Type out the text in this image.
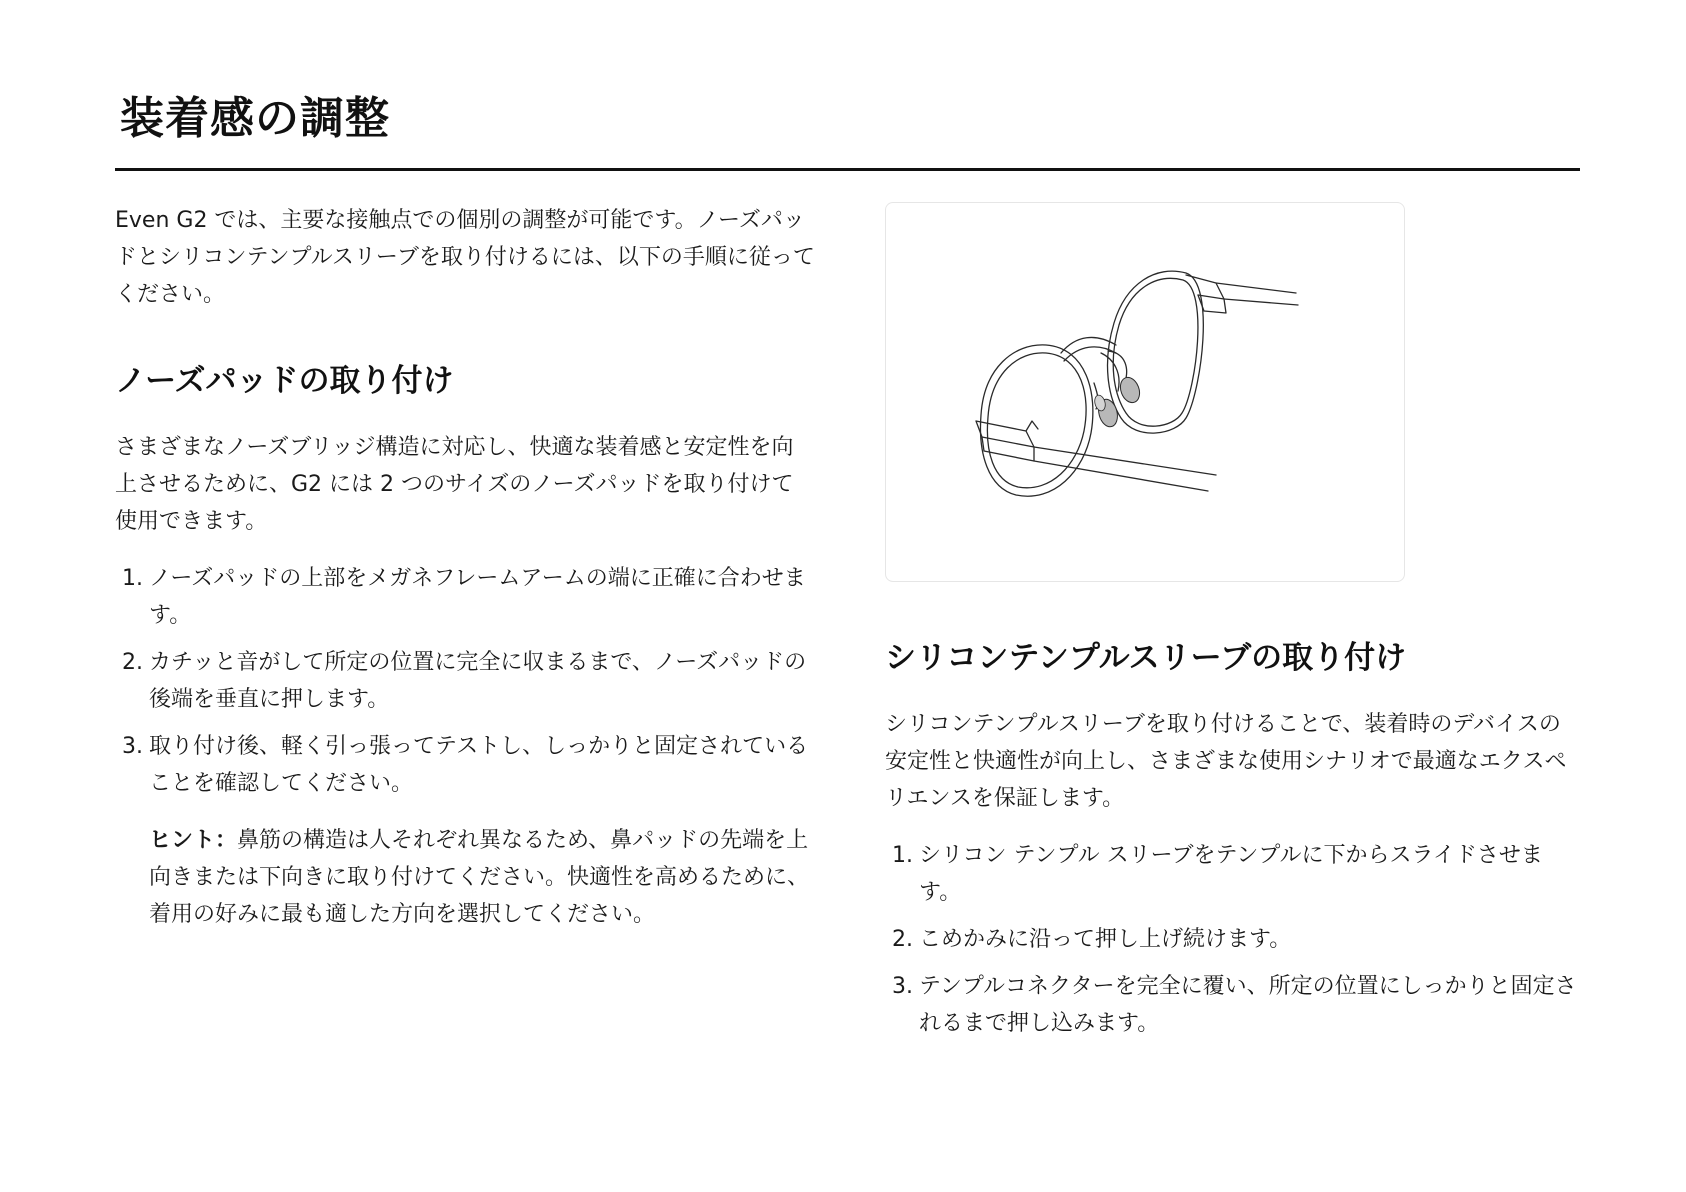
装着感の調整

Even G2 では、主要な接触点での個別の調整が可能です。ノーズパッドとシリコンテンプルスリーブを取り付けるには、以下の手順に従ってください。

ノーズパッドの取り付け

さまざまなノーズブリッジ構造に対応し、快適な装着感と安定性を向上させるために、G2 には 2 つのサイズのノーズパッドを取り付けて使用できます。

1. ノーズパッドの上部をメガネフレームアームの端に正確に合わせます。
2. カチッと音がして所定の位置に完全に収まるまで、ノーズパッドの後端を垂直に押します。
3. 取り付け後、軽く引っ張ってテストし、しっかりと固定されていることを確認してください。

ヒント：鼻筋の構造は人それぞれ異なるため、鼻パッドの先端を上向きまたは下向きに取り付けてください。快適性を高めるために、着用の好みに最も適した方向を選択してください。

シリコンテンプルスリーブの取り付け

シリコンテンプルスリーブを取り付けることで、装着時のデバイスの安定性と快適性が向上し、さまざまな使用シナリオで最適なエクスペリエンスを保証します。

1. シリコン テンプル スリーブをテンプルに下からスライドさせます。
2. こめかみに沿って押し上げ続けます。
3. テンプルコネクターを完全に覆い、所定の位置にしっかりと固定されるまで押し込みます。
